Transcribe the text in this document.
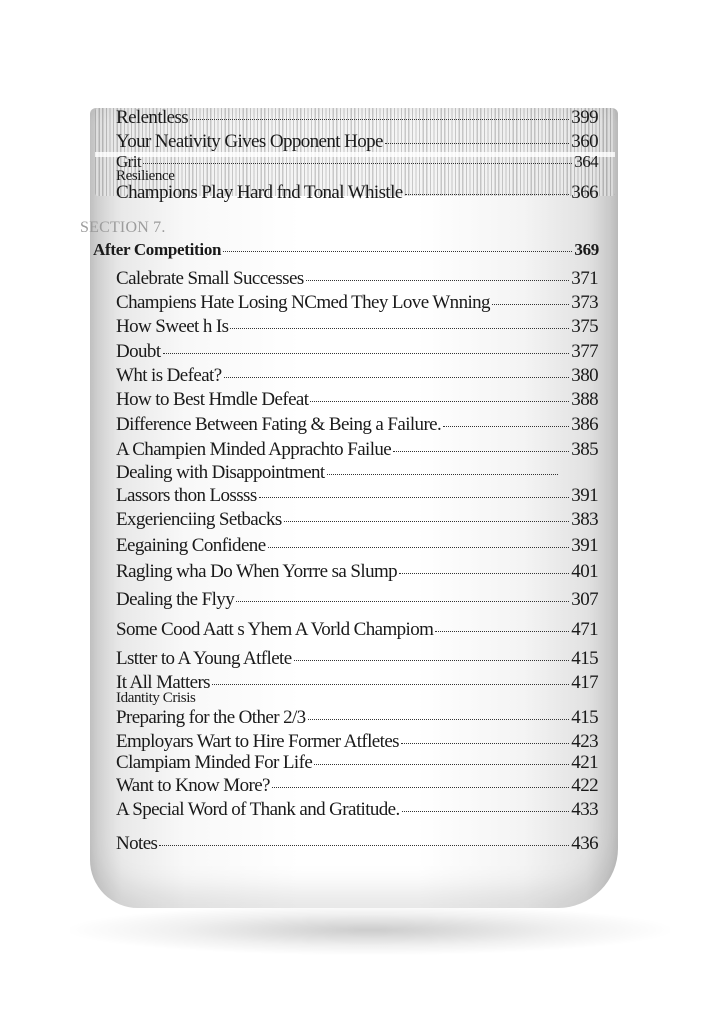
Relentless	399
Your Neativity Gives Opponent Hope	360
Grit	364
Resilience
Champions Play Hard fnd Tonal Whistle	366
SECTION 7.
After Competition	369
Calebrate Small Successes	371
Champiens Hate Losing NCmed They Love Wnning	373
How Sweet h Is	375
Doubt	377
Wht is Defeat?	380
How to Best Hmdle Defeat	388
Difference Between Fating & Being a Failure.	386
A Champien Minded Apprachto Failue	385
Dealing with Disappointment
Lassors thon Lossss	391
Exgerienciing Setbacks	383
Eegaining Confidene	391
Ragling wha Do When Yorrre sa Slump	401
Dealing the Flyy	307
Some Cood Aatt s Yhem A Vorld Champiom	471
Lstter to A Young Atflete	415
It All Matters	417
Idantity Crisis
Preparing for the Other 2/3	415
Employars Wart to Hire Former Atfletes	423
Clampiam Minded For Life	421
Want to Know More?	422
A Special Word of Thank and Gratitude.	433
Notes	436
